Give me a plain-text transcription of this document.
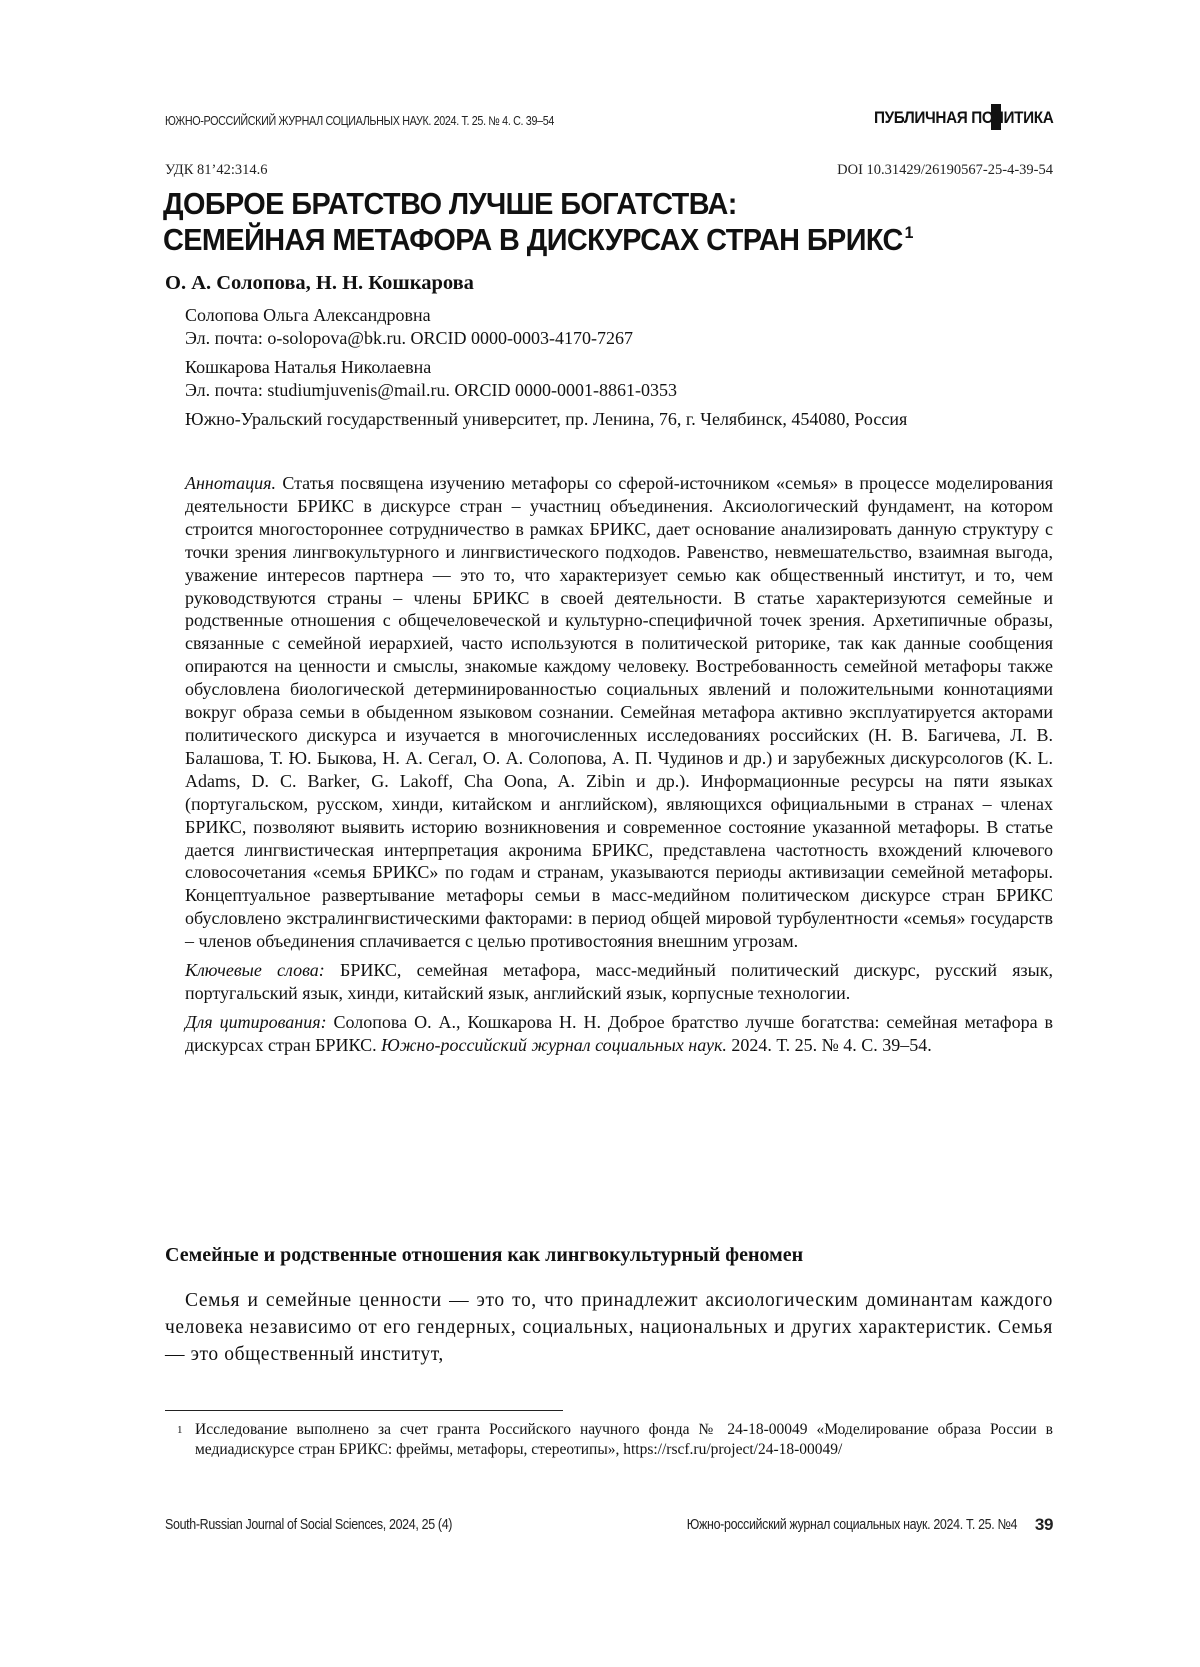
ЮЖНО-РОССИЙСКИЙ ЖУРНАЛ СОЦИАЛЬНЫХ НАУК. 2024. Т. 25. № 4. С. 39–54	ПУБЛИЧНАЯ ПОЛИТИКА
УДК 81’42:314.6	DOI 10.31429/26190567-25-4-39-54
ДОБРОЕ БРАТСТВО ЛУЧШЕ БОГАТСТВА:
СЕМЕЙНАЯ МЕТАФОРА В ДИСКУРСАХ СТРАН БРИКС $^1$
О. А. Солопова, Н. Н. Кошкарова

Солопова Ольга Александровна
Эл. почта: o-solopova@bk.ru. ORCID 0000-0003-4170-7267

Кошкарова Наталья Николаевна
Эл. почта: studiumjuvenis@mail.ru. ORCID 0000-0001-8861-0353

Южно-Уральский государственный университет, пр. Ленина, 76, г. Челябинск, 454080, Россия

Аннотация. Статья посвящена изучению метафоры со сферой-источником «семья» в процессе моделирования деятельности БРИКС в дискурсе стран – участниц объединения. Аксиологический фундамент, на котором строится многостороннее сотрудничество в рамках БРИКС, дает основание анализировать данную структуру с точки зрения лингвокультурного и лингвистического подходов. Равенство, невмешательство, взаимная выгода, уважение интересов партнера — это то, что характеризует семью как общественный институт, и то, чем руководствуются страны – члены БРИКС в своей деятельности. В статье характеризуются семейные и родственные отношения с общечеловеческой и культурно-специфичной точек зрения. Архетипичные образы, связанные с семейной иерархией, часто используются в политической риторике, так как данные сообщения опираются на ценности и смыслы, знакомые каждому человеку. Востребованность семейной метафоры также обусловлена биологической детерминированностью социальных явлений и положительными коннотациями вокруг образа семьи в обыденном языковом сознании. Семейная метафора активно эксплуатируется акторами политического дискурса и изучается в многочисленных исследованиях российских (Н. В. Багичева, Л. В. Балашова, Т. Ю. Быкова, Н. А. Сегал, О. А. Солопова, А. П. Чудинов и др.) и зарубежных дискурсологов (K. L. Adams, D. C. Barker, G. Lakoff, Cha Oona, A. Zibin и др.). Информационные ресурсы на пяти языках (португальском, русском, хинди, китайском и английском), являющихся официальными в странах – членах БРИКС, позволяют выявить историю возникновения и современное состояние указанной метафоры. В статье дается лингвистическая интерпретация акронима БРИКС, представлена частотность вхождений ключевого словосочетания «семья БРИКС» по годам и странам, указываются периоды активизации семейной метафоры. Концептуальное развертывание метафоры семьи в масс-медийном политическом дискурсе стран БРИКС обусловлено экстралингвистическими факторами: в период общей мировой турбулентности «семья» государств – членов объединения сплачивается с целью противостояния внешним угрозам.

Ключевые слова: БРИКС, семейная метафора, масс-медийный политический дискурс, русский язык, португальский язык, хинди, китайский язык, английский язык, корпусные технологии.

Для цитирования: Солопова О. А., Кошкарова Н. Н. Доброе братство лучше богатства: семейная метафора в дискурсах стран БРИКС. Южно-российский журнал социальных наук. 2024. Т. 25. № 4. С. 39–54.

Семейные и родственные отношения как лингвокультурный феномен

Семья и семейные ценности — это то, что принадлежит аксиологическим доминантам каждого человека независимо от его гендерных, социальных, национальных и других характеристик. Семья — это общественный институт,

1 Исследование выполнено за счет гранта Российского научного фонда № 24-18-00049 «Моделирование образа России в медиадискурсе стран БРИКС: фреймы, метафоры, стереотипы», https://rscf.ru/project/24-18-00049/
South-Russian Journal of Social Sciences, 2024, 25 (4)	Южно-российский журнал социальных наук. 2024. Т. 25. №4 39
